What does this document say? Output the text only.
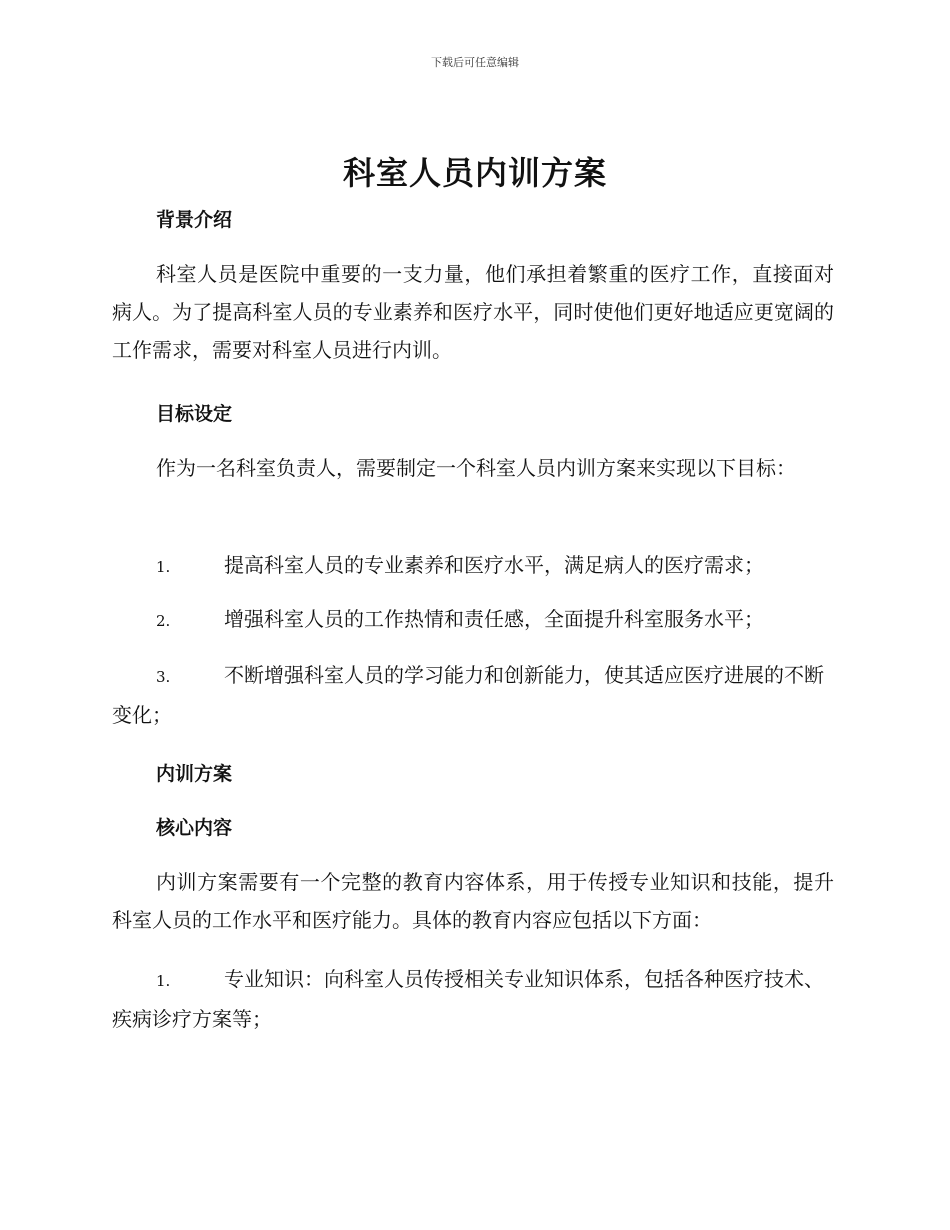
下载后可任意编辑
科室人员内训方案
背景介绍

科室人员是医院中重要的一支力量，他们承担着繁重的医疗工作，直接面对病人。为了提高科室人员的专业素养和医疗水平，同时使他们更好地适应更宽阔的工作需求，需要对科室人员进行内训。

目标设定

作为一名科室负责人，需要制定一个科室人员内训方案来实现以下目标：

1.	提高科室人员的专业素养和医疗水平，满足病人的医疗需求；

2.	增强科室人员的工作热情和责任感，全面提升科室服务水平；

3.	不断增强科室人员的学习能力和创新能力，使其适应医疗进展的不断变化；

内训方案
核心内容

内训方案需要有一个完整的教育内容体系，用于传授专业知识和技能，提升科室人员的工作水平和医疗能力。具体的教育内容应包括以下方面：

1.	专业知识：向科室人员传授相关专业知识体系，包括各种医疗技术、疾病诊疗方案等；
